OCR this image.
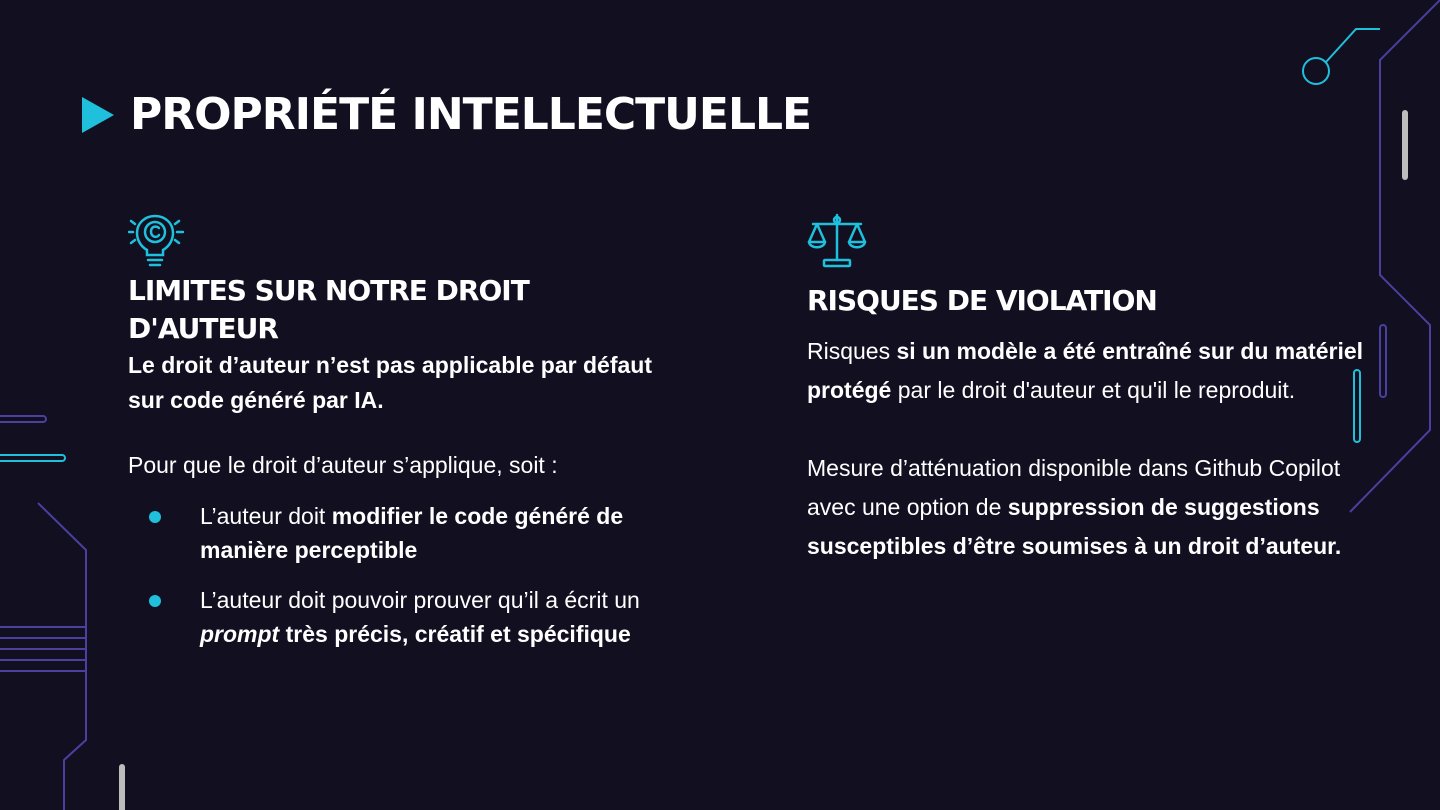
PROPRIÉTÉ INTELLECTUELLE
LIMITES SUR NOTRE DROIT D'AUTEUR
Le droit d’auteur n’est pas applicable par défaut sur code généré par IA.
Pour que le droit d’auteur s’applique, soit :
L’auteur doit modifier le code généré de manière perceptible
L’auteur doit pouvoir prouver qu’il a écrit un prompt très précis, créatif et spécifique
RISQUES DE VIOLATION
Risques si un modèle a été entraîné sur du matériel protégé par le droit d'auteur et qu'il le reproduit.
Mesure d’atténuation disponible dans Github Copilot avec une option de suppression de suggestions susceptibles d’être soumises à un droit d’auteur.
